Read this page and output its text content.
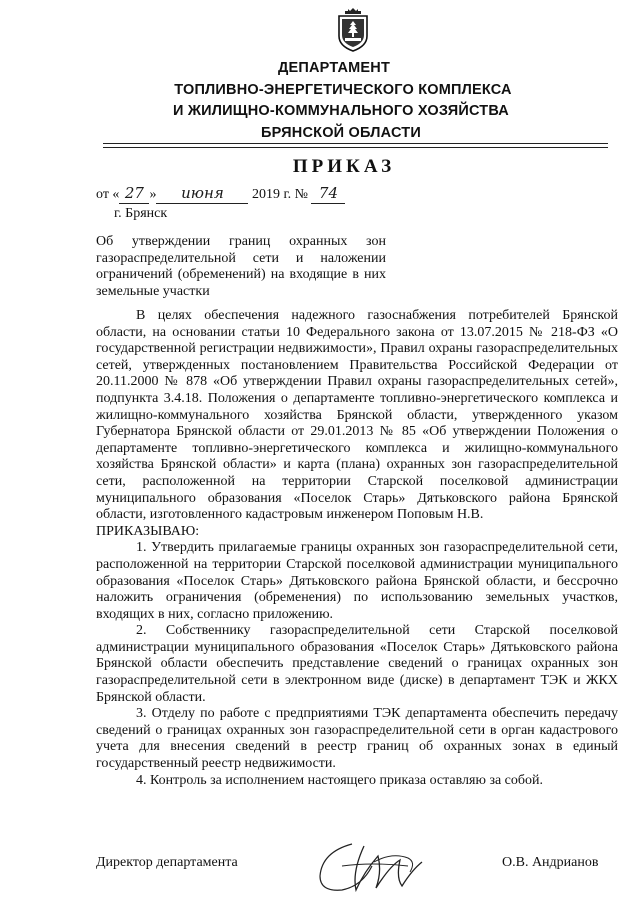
ДЕПАРТАМЕНТ
ТОПЛИВНО-ЭНЕРГЕТИЧЕСКОГО КОМПЛЕКСА
И ЖИЛИЩНО-КОММУНАЛЬНОГО ХОЗЯЙСТВА
БРЯНСКОЙ ОБЛАСТИ
ПРИКАЗ
от « 27 » июня 2019 г. № 74
г. Брянск
Об утверждении границ охранных зон газораспределительной сети и наложении ограничений (обременений) на входящие в них земельные участки

В целях обеспечения надежного газоснабжения потребителей Брянской области, на основании статьи 10 Федерального закона от 13.07.2015 № 218-ФЗ «О государственной регистрации недвижимости», Правил охраны газораспределительных сетей, утвержденных постановлением Правительства Российской Федерации от 20.11.2000 № 878 «Об утверждении Правил охраны газораспределительных сетей», подпункта 3.4.18. Положения о департаменте топливно-энергетического комплекса и жилищно-коммунального хозяйства Брянской области, утвержденного указом Губернатора Брянской области от 29.01.2013 № 85 «Об утверждении Положения о департаменте топливно-энергетического комплекса и жилищно-коммунального хозяйства Брянской области» и карта (плана) охранных зон газораспределительной сети, расположенной на территории Старской поселковой администрации муниципального образования «Поселок Старь» Дятьковского района Брянской области, изготовленного кадастровым инженером Поповым Н.В.

ПРИКАЗЫВАЮ:

1. Утвердить прилагаемые границы охранных зон газораспределительной сети, расположенной на территории Старской поселковой администрации муниципального образования «Поселок Старь» Дятьковского района Брянской области, и бессрочно наложить ограничения (обременения) по использованию земельных участков, входящих в них, согласно приложению.

2. Собственнику газораспределительной сети Старской поселковой администрации муниципального образования «Поселок Старь» Дятьковского района Брянской области обеспечить представление сведений о границах охранных зон газораспределительной сети в электронном виде (диске) в департамент ТЭК и ЖКХ Брянской области.

3. Отделу по работе с предприятиями ТЭК департамента обеспечить передачу сведений о границах охранных зон газораспределительной сети в орган кадастрового учета для внесения сведений в реестр границ об охранных зонах в единый государственный реестр недвижимости.

4. Контроль за исполнением настоящего приказа оставляю за собой.

Директор департамента	О.В. Андрианов
